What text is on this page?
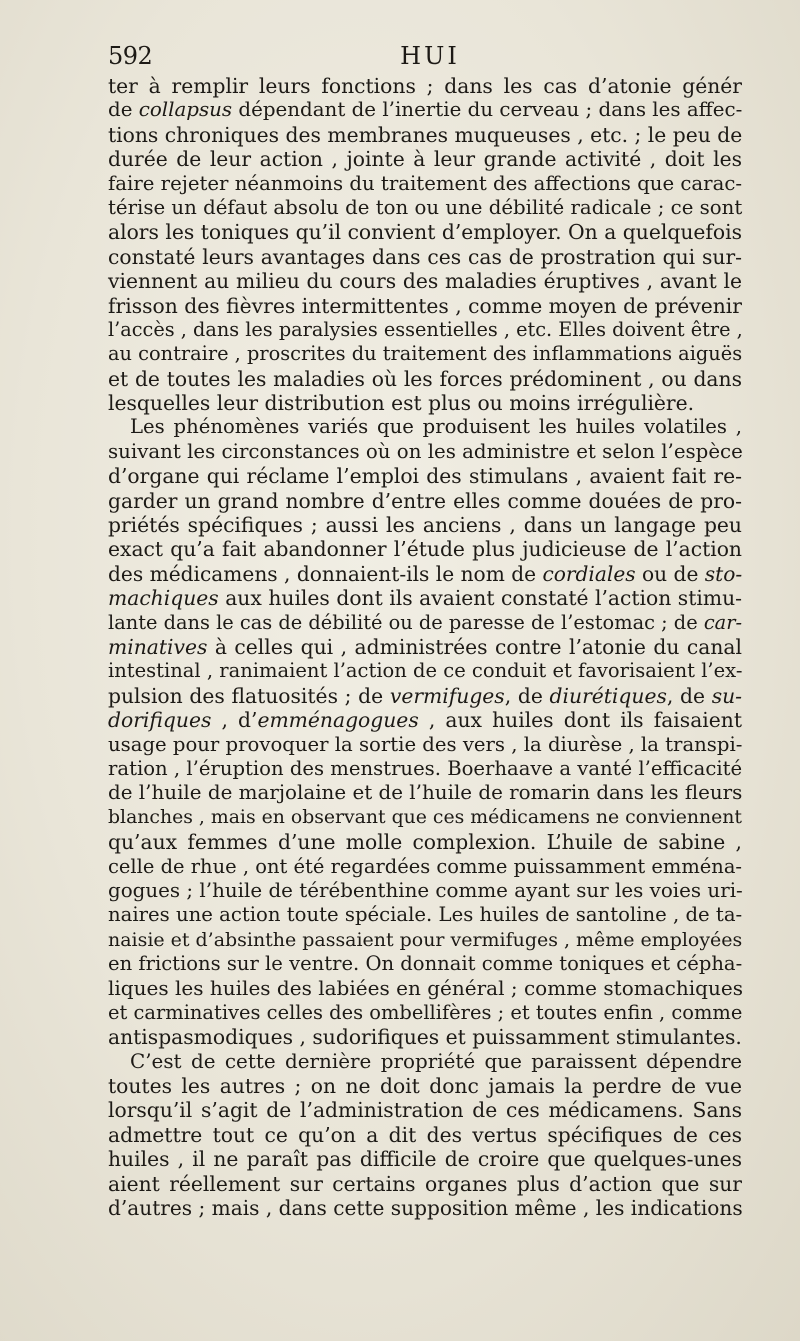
592	HUI
ter à remplir leurs fonctions ; dans les cas d’atonie génér
de collapsus dépendant de l’inertie du cerveau ; dans les affec-
tions chroniques des membranes muqueuses , etc. ; le peu de
durée de leur action , jointe à leur grande activité , doit les
faire rejeter néanmoins du traitement des affections que carac-
térise un défaut absolu de ton ou une débilité radicale ; ce sont
alors les toniques qu’il convient d’employer. On a quelquefois
constaté leurs avantages dans ces cas de prostration qui sur-
viennent au milieu du cours des maladies éruptives , avant le
frisson des fièvres intermittentes , comme moyen de prévenir
l’accès , dans les paralysies essentielles , etc. Elles doivent être ,
au contraire , proscrites du traitement des inflammations aiguës
et de toutes les maladies où les forces prédominent , ou dans
lesquelles leur distribution est plus ou moins irrégulière.
Les phénomènes variés que produisent les huiles volatiles ,
suivant les circonstances où on les administre et selon l’espèce
d’organe qui réclame l’emploi des stimulans , avaient fait re-
garder un grand nombre d’entre elles comme douées de pro-
priétés spécifiques ; aussi les anciens , dans un langage peu
exact qu’a fait abandonner l’étude plus judicieuse de l’action
des médicamens , donnaient-ils le nom de cordiales ou de sto-
machiques aux huiles dont ils avaient constaté l’action stimu-
lante dans le cas de débilité ou de paresse de l’estomac ; de car-
minatives à celles qui , administrées contre l’atonie du canal
intestinal , ranimaient l’action de ce conduit et favorisaient l’ex-
pulsion des flatuosités ; de vermifuges, de diurétiques, de su-
dorifiques , d’emménagogues , aux huiles dont ils faisaient
usage pour provoquer la sortie des vers , la diurèse , la transpi-
ration , l’éruption des menstrues. Boerhaave a vanté l’efficacité
de l’huile de marjolaine et de l’huile de romarin dans les fleurs
blanches , mais en observant que ces médicamens ne conviennent
qu’aux femmes d’une molle complexion. L’huile de sabine ,
celle de rhue , ont été regardées comme puissamment emména-
gogues ; l’huile de térébenthine comme ayant sur les voies uri-
naires une action toute spéciale. Les huiles de santoline , de ta-
naisie et d’absinthe passaient pour vermifuges , même employées
en frictions sur le ventre. On donnait comme toniques et cépha-
liques les huiles des labiées en général ; comme stomachiques
et carminatives celles des ombellifères ; et toutes enfin , comme
antispasmodiques , sudorifiques et puissamment stimulantes.
C’est de cette dernière propriété que paraissent dépendre
toutes les autres ; on ne doit donc jamais la perdre de vue
lorsqu’il s’agit de l’administration de ces médicamens. Sans
admettre tout ce qu’on a dit des vertus spécifiques de ces
huiles , il ne paraît pas difficile de croire que quelques-unes
aient réellement sur certains organes plus d’action que sur
d’autres ; mais , dans cette supposition même , les indications
